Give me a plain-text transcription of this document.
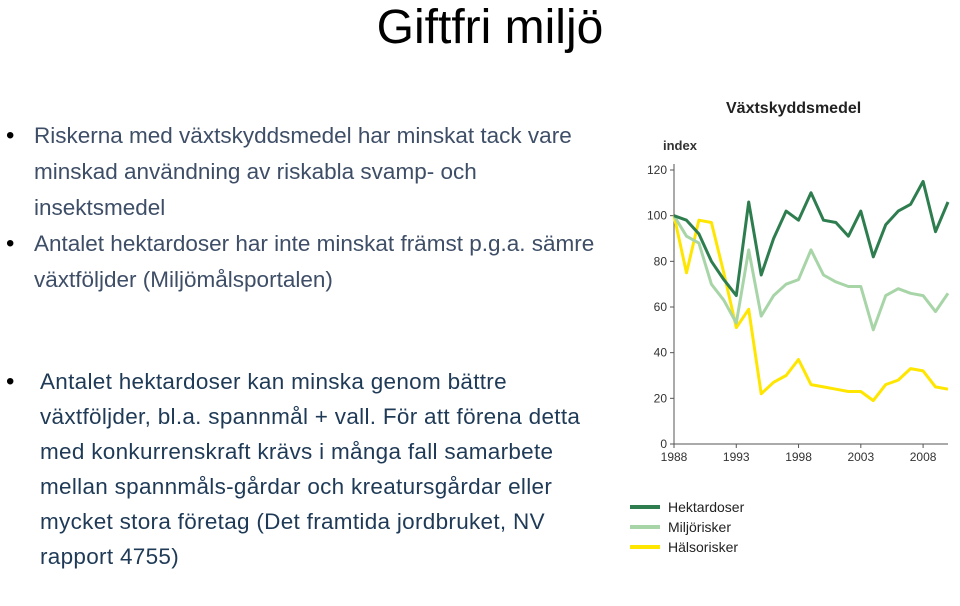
Giftfri miljö
• Riskerna med växtskyddsmedel har minskat tack vare minskad användning av riskabla svamp- och insektsmedel
• Antalet hektardoser har inte minskat främst p.g.a. sämre växtföljder (Miljömålsportalen)
• Antalet hektardoser kan minska genom bättre växtföljder, bl.a. spannmål + vall. För att förena detta med konkurrenskraft krävs i många fall samarbete mellan spannmåls-gårdar och kreatursgårdar eller mycket stora företag (Det framtida jordbruket, NV rapport 4755)
Växtskyddsmedel
index
0
20
40
60
80
100
120
1988	1993	1998	2003	2008
Hektardoser
Miljörisker
Hälsorisker
